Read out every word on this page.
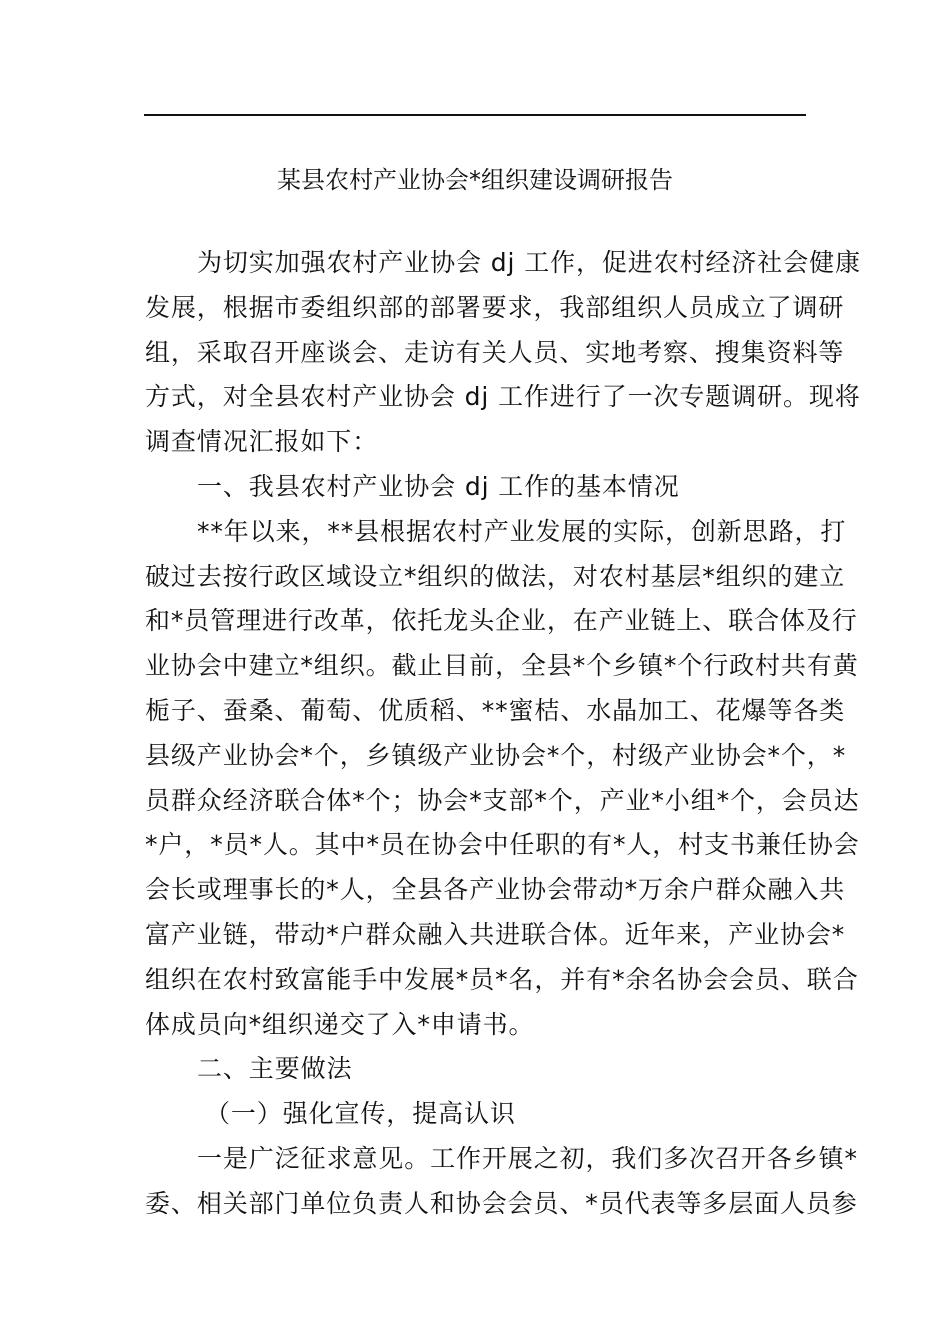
某县农村产业协会*组织建设调研报告
为切实加强农村产业协会 dj 工作，促进农村经济社会健康
发展，根据市委组织部的部署要求，我部组织人员成立了调研
组，采取召开座谈会、走访有关人员、实地考察、搜集资料等
方式，对全县农村产业协会 dj 工作进行了一次专题调研。现将
调查情况汇报如下：
一、我县农村产业协会 dj 工作的基本情况
**年以来，**县根据农村产业发展的实际，创新思路，打
破过去按行政区域设立*组织的做法，对农村基层*组织的建立
和*员管理进行改革，依托龙头企业，在产业链上、联合体及行
业协会中建立*组织。截止目前，全县*个乡镇*个行政村共有黄
栀子、蚕桑、葡萄、优质稻、**蜜桔、水晶加工、花爆等各类
县级产业协会*个，乡镇级产业协会*个，村级产业协会*个，*
员群众经济联合体*个；协会*支部*个，产业*小组*个，会员达
*户，*员*人。其中*员在协会中任职的有*人，村支书兼任协会
会长或理事长的*人，全县各产业协会带动*万余户群众融入共
富产业链，带动*户群众融入共进联合体。近年来，产业协会*
组织在农村致富能手中发展*员*名，并有*余名协会会员、联合
体成员向*组织递交了入*申请书。
二、主要做法
（一）强化宣传，提高认识
一是广泛征求意见。工作开展之初，我们多次召开各乡镇*
委、相关部门单位负责人和协会会员、*员代表等多层面人员参
